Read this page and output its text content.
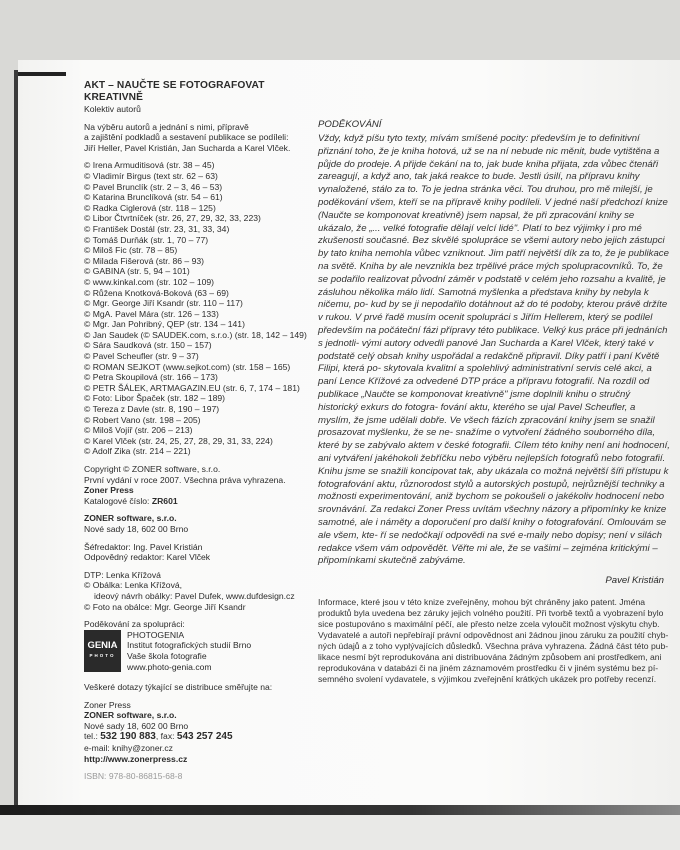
AKT – NAUČTE SE FOTOGRAFOVAT KREATIVNĚ

Kolektiv autorů

Na výběru autorů a jednání s nimi, přípravě
a zajištění podkladů a sestavení publikace se podíleli:
Jiří Heller, Pavel Kristián, Jan Sucharda a Karel Vlček.
© Irena Armuditisová (str. 38 – 45)
© Vladimír Birgus (text str. 62 – 63)
© Pavel Brunclík (str. 2 – 3, 46 – 53)
© Katarina Brunclíková (str. 54 – 61)
© Radka Ciglerová (str. 118 – 125)
© Libor Čtvrtníček (str. 26, 27, 29, 32, 33, 223)
© František Dostál (str. 23, 31, 33, 34)
© Tomáš Durňák (str. 1, 70 – 77)
© Miloš Fic (str. 78 – 85)
© Milada Fišerová (str. 86 – 93)
© GABINA (str. 5, 94 – 101)
© www.kinkal.com (str. 102 – 109)
© Růžena Knotková-Boková (63 – 69)
© Mgr. George Jiří Ksandr (str. 110 – 117)
© MgA. Pavel Mára (str. 126 – 133)
© Mgr. Jan Pohribný, QEP (str. 134 – 141)
© Jan Saudek (© SAUDEK.com, s.r.o.) (str. 18, 142 – 149)
© Sára Saudková (str. 150 – 157)
© Pavel Scheufler (str. 9 – 37)
© ROMAN SEJKOT (www.sejkot.com) (str. 158 – 165)
© Petra Skoupilová (str. 166 – 173)
© PETR ŠÁLEK, ARTMAGAZIN.EU (str. 6, 7, 174 – 181)
© Foto: Libor Špaček (str. 182 – 189)
© Tereza z Davle (str. 8, 190 – 197)
© Robert Vano (str. 198 – 205)
© Miloš Vojíř (str. 206 – 213)
© Karel Vlček (str. 24, 25, 27, 28, 29, 31, 33, 224)
© Adolf Zika (str. 214 – 221)
Copyright © ZONER software, s.r.o.
První vydání v roce 2007. Všechna práva vyhrazena.
Zoner Press
Katalogové číslo: ZR601
ZONER software, s.r.o.
Nové sady 18, 602 00 Brno
Šéfredaktor: Ing. Pavel Kristián
Odpovědný redaktor: Karel Vlček
DTP: Lenka Křížová
© Obálka: Lenka Křížová,
ideový návrh obálky: Pavel Dufek, www.dufdesign.cz
© Foto na obálce: Mgr. George Jiří Ksandr
Poděkování za spolupráci:
GENIA
PHOTO
PHOTOGENIA
Institut fotografických studií Brno
Vaše škola fotografie
www.photo-genia.com
Veškeré dotazy týkající se distribuce směřujte na:
Zoner Press
ZONER software, s.r.o.
Nové sady 18, 602 00 Brno
tel.: 532 190 883, fax: 543 257 245
e-mail: knihy@zoner.cz
http://www.zonerpress.cz
ISBN: 978-80-86815-68-8
PODĚKOVÁNÍ
Vždy, když píšu tyto texty, mívám smíšené pocity: především je to definitivní přiznání toho, že je kniha hotová, už se na ní nebude nic měnit, bude vytištěna a půjde do prodeje. A přijde čekání na to, jak bude kniha přijata, zda vůbec čtenáři zareagují, a když ano, tak jaká reakce to bude. Jestli úsilí, na přípravu knihy vynaložené, stálo za to. To je jedna stránka věci. Tou druhou, pro mě milejší, je poděkování všem, kteří se na přípravě knihy podíleli. V jedné naší předchozí knize (Naučte se komponovat kreativně) jsem napsal, že při zpracování knihy se ukázalo, že „... velké fotografie dělají velcí lidé". Platí to bez výjimky i pro mé zkušenosti současné. Bez skvělé spolupráce se všemi autory nebo jejich zástupci by tato kniha nemohla vůbec vzniknout. Jim patří největší dík za to, že je publikace na světě. Kniha by ale nevznikla bez trpělivé práce mých spolupracovníků. To, že se podařilo realizovat původní záměr v podstatě v celém jeho rozsahu a kvalitě, je zásluhou několika málo lidí. Samotná myšlenka a představa knihy by nebyla k ničemu, po- kud by se ji nepodařilo dotáhnout až do té podoby, kterou právě držíte v rukou. V prvé řadě musím ocenit spolupráci s Jiřím Hellerem, který se podílel především na počáteční fázi přípravy této publikace. Velký kus práce při jednáních s jednotli- vými autory odvedli panové Jan Sucharda a Karel Vlček, který také v podstatě celý obsah knihy uspořádal a redakčně připravil. Díky patří i paní Květě Filipi, která po- skytovala kvalitní a spolehlivý administrativní servis celé akci, a paní Lence Křížové za odvedené DTP práce a přípravu fotografií. Na rozdíl od publikace „Naučte se komponovat kreativně" jsme doplnili knihu o stručný historický exkurs do fotogra- fování aktu, kterého se ujal Pavel Scheufler, a myslím, že jsme udělali dobře. Ve všech fázích zpracování knihy jsem se snažil prosazovat myšlenku, že se ne- snažíme o vytvoření žádného souborného díla, které by se zabývalo aktem v české fotografii. Cílem této knihy není ani hodnocení, ani vytváření jakéhokoli žebříčku nebo výběru nejlepších fotografů nebo fotografií. Knihu jsme se snažili koncipovat tak, aby ukázala co možná největší šíři přístupu k fotografování aktu, různorodost stylů a autorských postupů, nejrůznější techniky a možnosti experimentování, aniž bychom se pokoušeli o jakékoliv hodnocení nebo srovnávání. Za redakci Zoner Press uvítám všechny názory a připomínky ke knize samotné, ale i náměty a doporučení pro další knihy o fotografování. Omlouvám se ale všem, kte- ří se nedočkají odpovědi na své e-maily nebo dopisy; není v silách redakce všem vám odpovědět. Věřte mi ale, že se vašimi – zejména kritickými – připomínkami skutečně zabýváme.
Pavel Kristián
Informace, které jsou v této knize zveřejněny, mohou být chráněny jako patent. Jména produktů byla uvedena bez záruky jejich volného použití. Při tvorbě textů a vyobrazení bylo sice postupováno s maximální péčí, ale přesto nelze zcela vyloučit možnost výskytu chyb. Vydavatelé a autoři nepřebírají právní odpovědnost ani žádnou jinou záruku za použití chyb- ných údajů a z toho vyplývajících důsledků. Všechna práva vyhrazena. Žádná část této pub- likace nesmí být reprodukována ani distribuována žádným způsobem ani prostředkem, ani reprodukována v databázi či na jiném záznamovém prostředku či v jiném systému bez pí- semného svolení vydavatele, s výjimkou zveřejnění krátkých ukázek pro potřeby recenzí.
